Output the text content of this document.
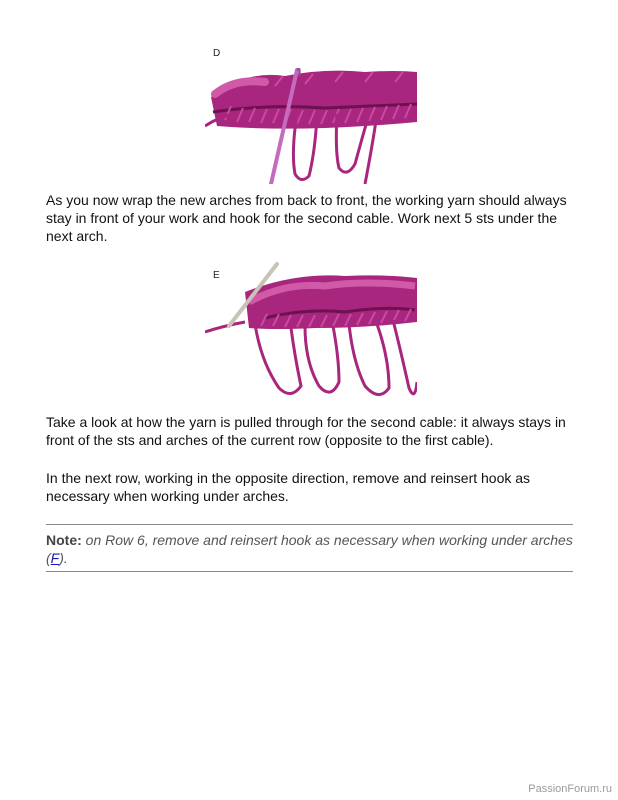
D

As you now wrap the new arches from back to front, the working yarn should always stay in front of your work and hook for the second cable. Work next 5 sts under the next arch.

E

Take a look at how the yarn is pulled through for the second cable: it always stays in front of the sts and arches of the current row (opposite to the first cable).

In the next row, working in the opposite direction, remove and reinsert hook as necessary when working under arches.

Note: on Row 6, remove and reinsert hook as necessary when working under arches (F).
PassionForum.ru
